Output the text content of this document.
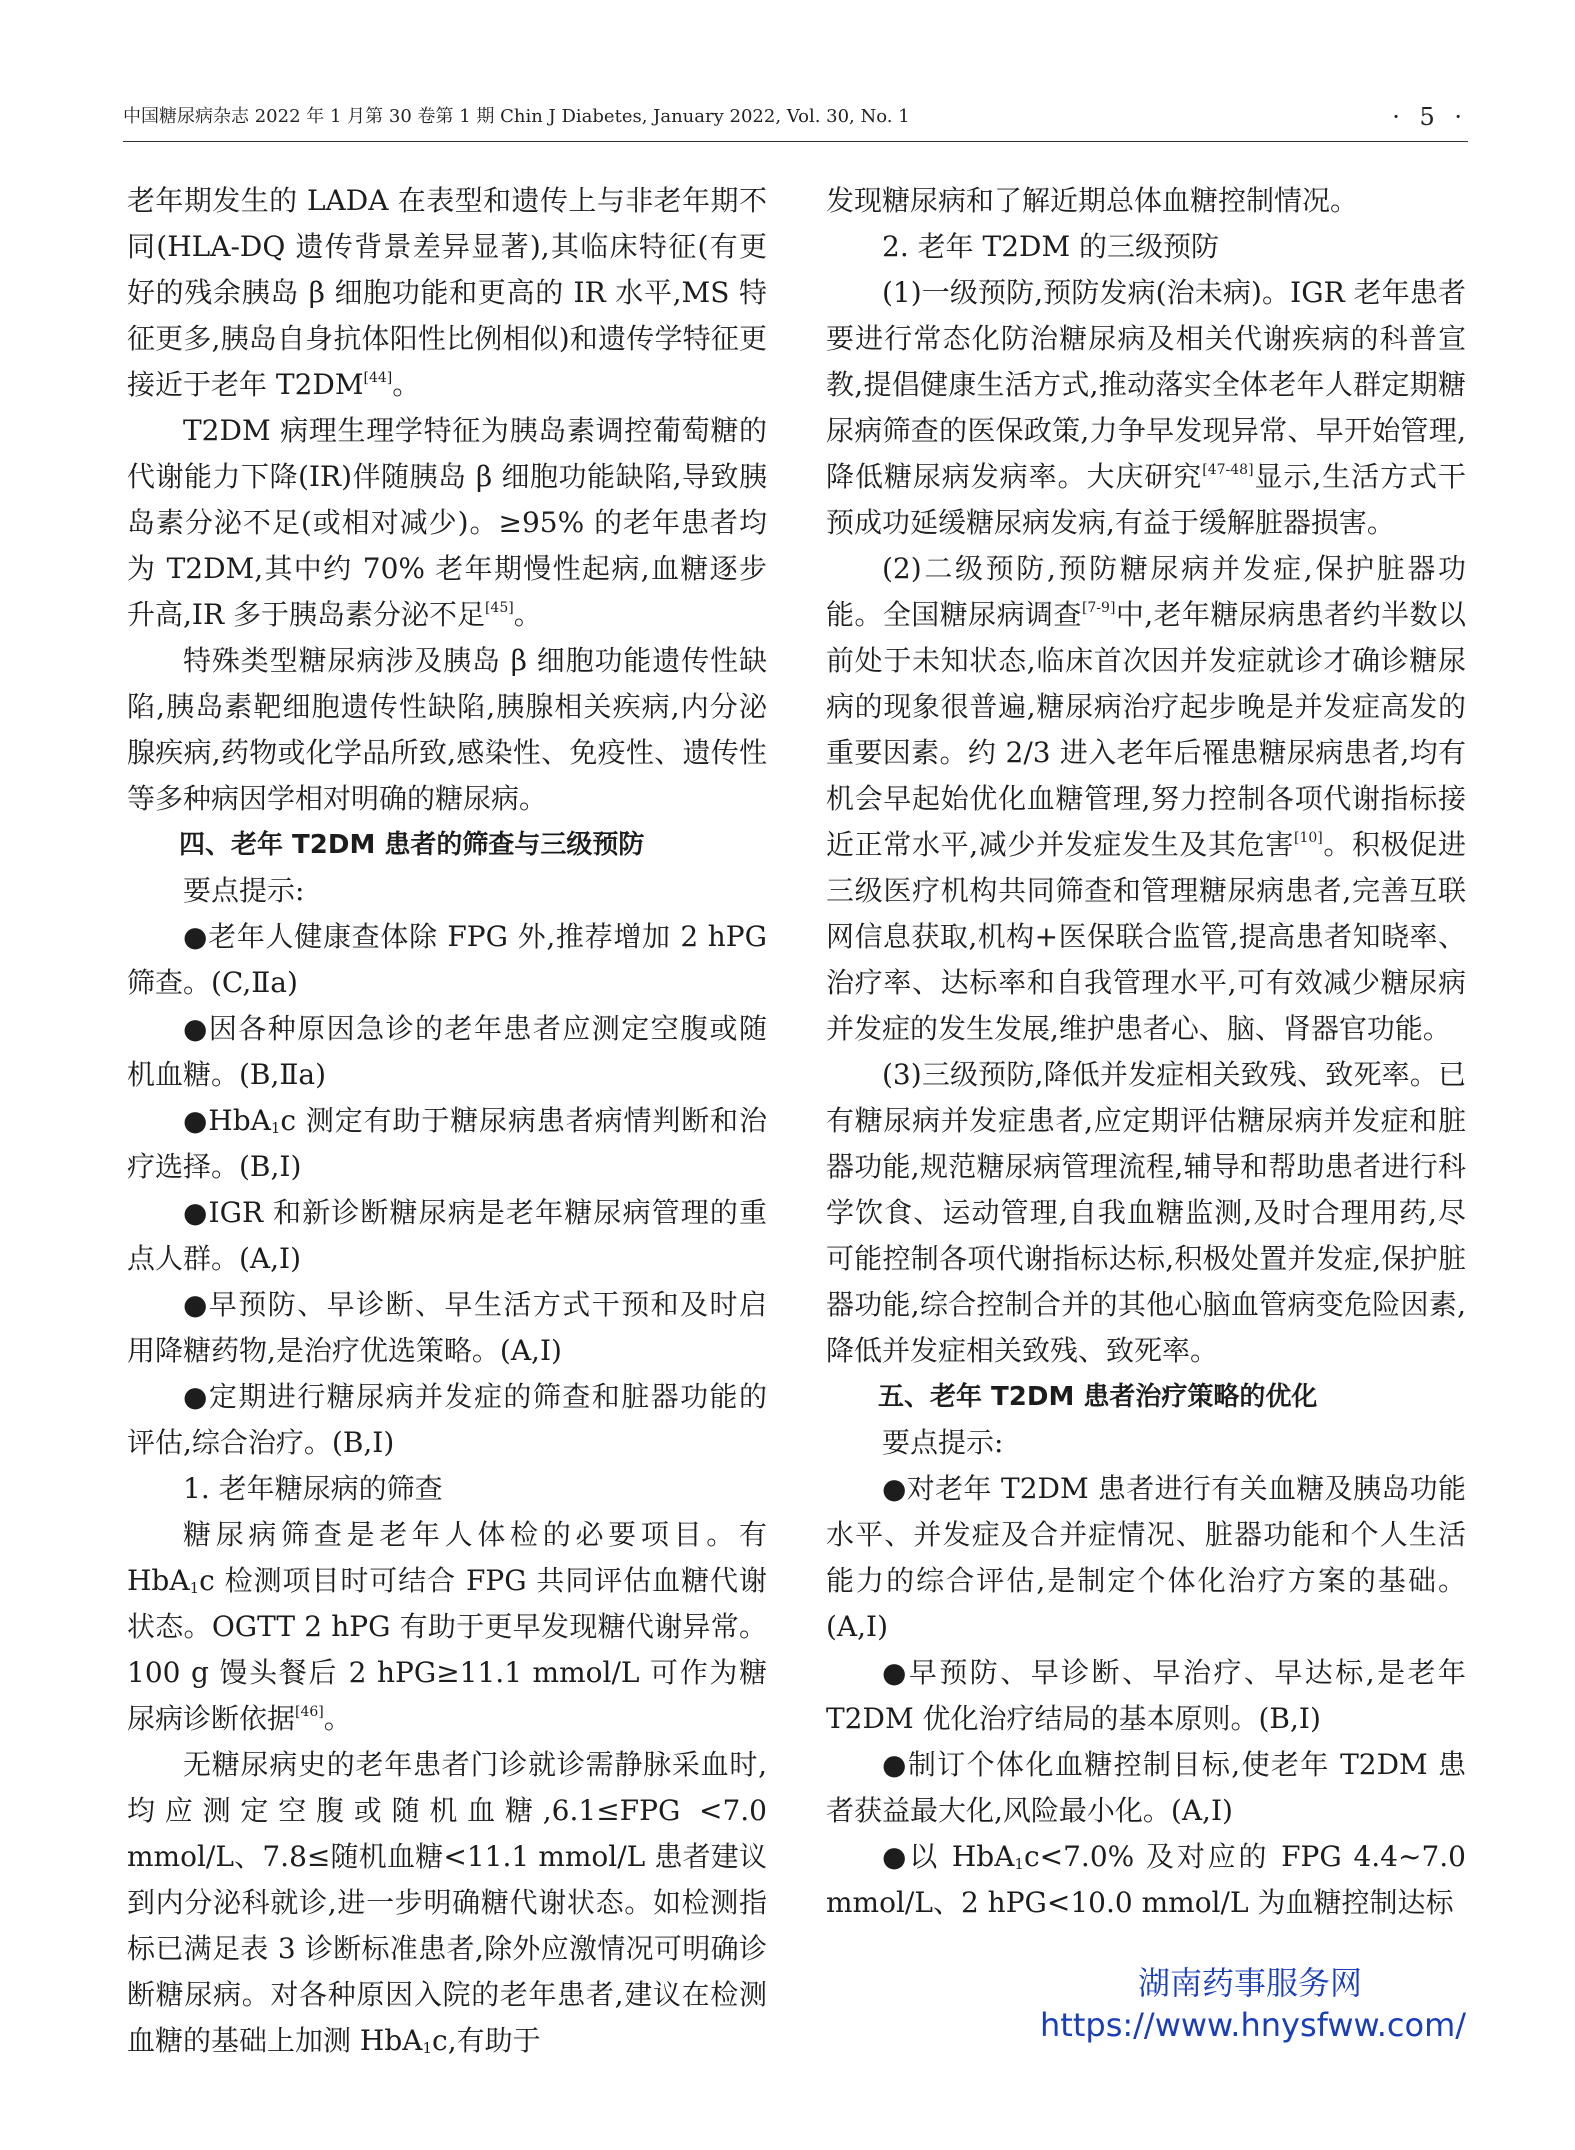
中国糖尿病杂志 2022 年 1 月第 30 卷第 1 期 Chin J Diabetes, January 2022, Vol. 30, No. 1	· 5 ·

老年期发生的 LADA 在表型和遗传上与非老年期不同(HLA-DQ 遗传背景差异显著),其临床特征(有更好的残余胰岛 β 细胞功能和更高的 IR 水平,MS 特征更多,胰岛自身抗体阳性比例相似)和遗传学特征更接近于老年 T2DM[44]。

T2DM 病理生理学特征为胰岛素调控葡萄糖的代谢能力下降(IR)伴随胰岛 β 细胞功能缺陷,导致胰岛素分泌不足(或相对减少)。≥95% 的老年患者均为 T2DM,其中约 70% 老年期慢性起病,血糖逐步升高,IR 多于胰岛素分泌不足[45]。

特殊类型糖尿病涉及胰岛 β 细胞功能遗传性缺陷,胰岛素靶细胞遗传性缺陷,胰腺相关疾病,内分泌腺疾病,药物或化学品所致,感染性、免疫性、遗传性等多种病因学相对明确的糖尿病。

四、老年 T2DM 患者的筛查与三级预防

要点提示:

●老年人健康查体除 FPG 外,推荐增加 2 hPG 筛查。(C,Ⅱa)

●因各种原因急诊的老年患者应测定空腹或随机血糖。(B,Ⅱa)

●HbA$_1$c 测定有助于糖尿病患者病情判断和治疗选择。(B,Ⅰ)

●IGR 和新诊断糖尿病是老年糖尿病管理的重点人群。(A,Ⅰ)

●早预防、早诊断、早生活方式干预和及时启用降糖药物,是治疗优选策略。(A,Ⅰ)

●定期进行糖尿病并发症的筛查和脏器功能的评估,综合治疗。(B,Ⅰ)

1. 老年糖尿病的筛查

糖尿病筛查是老年人体检的必要项目。有 HbA$_1$c 检测项目时可结合 FPG 共同评估血糖代谢状态。OGTT 2 hPG 有助于更早发现糖代谢异常。100 g 馒头餐后 2 hPG≥11.1 mmol/L 可作为糖尿病诊断依据[46]。

无糖尿病史的老年患者门诊就诊需静脉采血时,均应测定空腹或随机血糖,6.1≤FPG <7.0 mmol/L、7.8≤随机血糖<11.1 mmol/L 患者建议到内分泌科就诊,进一步明确糖代谢状态。如检测指标已满足表 3 诊断标准患者,除外应激情况可明确诊断糖尿病。对各种原因入院的老年患者,建议在检测血糖的基础上加测 HbA$_1$c,有助于

发现糖尿病和了解近期总体血糖控制情况。

2. 老年 T2DM 的三级预防

(1)一级预防,预防发病(治未病)。IGR 老年患者要进行常态化防治糖尿病及相关代谢疾病的科普宣教,提倡健康生活方式,推动落实全体老年人群定期糖尿病筛查的医保政策,力争早发现异常、早开始管理,降低糖尿病发病率。大庆研究[47-48]显示,生活方式干预成功延缓糖尿病发病,有益于缓解脏器损害。

(2)二级预防,预防糖尿病并发症,保护脏器功能。全国糖尿病调查[7-9]中,老年糖尿病患者约半数以前处于未知状态,临床首次因并发症就诊才确诊糖尿病的现象很普遍,糖尿病治疗起步晚是并发症高发的重要因素。约 2/3 进入老年后罹患糖尿病患者,均有机会早起始优化血糖管理,努力控制各项代谢指标接近正常水平,减少并发症发生及其危害[10]。积极促进三级医疗机构共同筛查和管理糖尿病患者,完善互联网信息获取,机构+医保联合监管,提高患者知晓率、治疗率、达标率和自我管理水平,可有效减少糖尿病并发症的发生发展,维护患者心、脑、肾器官功能。

(3)三级预防,降低并发症相关致残、致死率。已有糖尿病并发症患者,应定期评估糖尿病并发症和脏器功能,规范糖尿病管理流程,辅导和帮助患者进行科学饮食、运动管理,自我血糖监测,及时合理用药,尽可能控制各项代谢指标达标,积极处置并发症,保护脏器功能,综合控制合并的其他心脑血管病变危险因素,降低并发症相关致残、致死率。

五、老年 T2DM 患者治疗策略的优化

要点提示:

●对老年 T2DM 患者进行有关血糖及胰岛功能水平、并发症及合并症情况、脏器功能和个人生活能力的综合评估,是制定个体化治疗方案的基础。(A,Ⅰ)

●早预防、早诊断、早治疗、早达标,是老年 T2DM 优化治疗结局的基本原则。(B,Ⅰ)

●制订个体化血糖控制目标,使老年 T2DM 患者获益最大化,风险最小化。(A,Ⅰ)

●以 HbA$_1$c<7.0% 及对应的 FPG 4.4~7.0 mmol/L、2 hPG<10.0 mmol/L 为血糖控制达标

湖南药事服务网
https://www.hnysfww.com/
